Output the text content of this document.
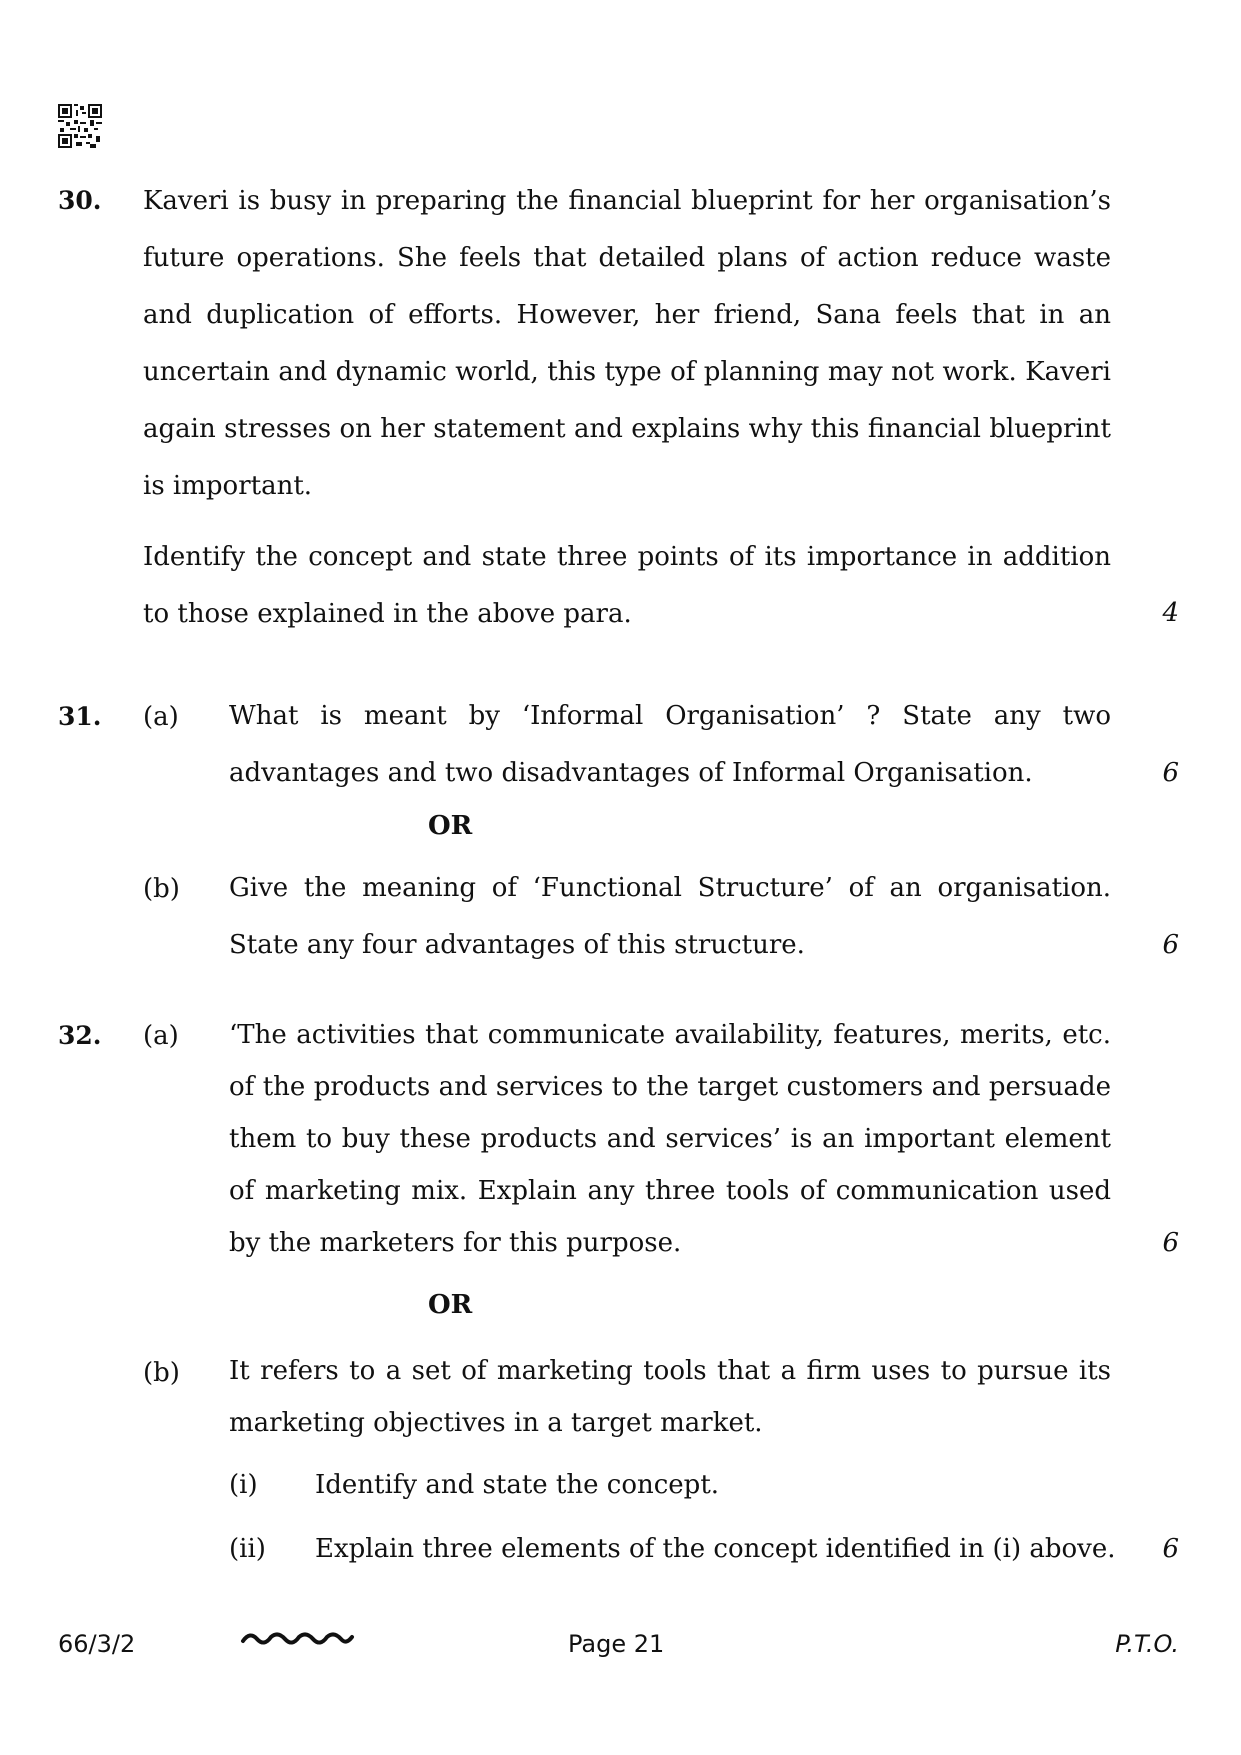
30. Kaveri is busy in preparing the financial blueprint for her organisation’s future operations. She feels that detailed plans of action reduce waste and duplication of efforts. However, her friend, Sana feels that in an uncertain and dynamic world, this type of planning may not work. Kaveri again stresses on her statement and explains why this financial blueprint is important.
Identify the concept and state three points of its importance in addition to those explained in the above para.	4
31. (a) What is meant by ‘Informal Organisation’ ? State any two advantages and two disadvantages of Informal Organisation.	6
OR
(b) Give the meaning of ‘Functional Structure’ of an organisation. State any four advantages of this structure.	6
32. (a) ‘The activities that communicate availability, features, merits, etc. of the products and services to the target customers and persuade them to buy these products and services’ is an important element of marketing mix. Explain any three tools of communication used by the marketers for this purpose.	6
OR
(b) It refers to a set of marketing tools that a firm uses to pursue its marketing objectives in a target market.
(i) Identify and state the concept.
(ii) Explain three elements of the concept identified in (i) above. 6
66/3/2	Page 21	P.T.O.
